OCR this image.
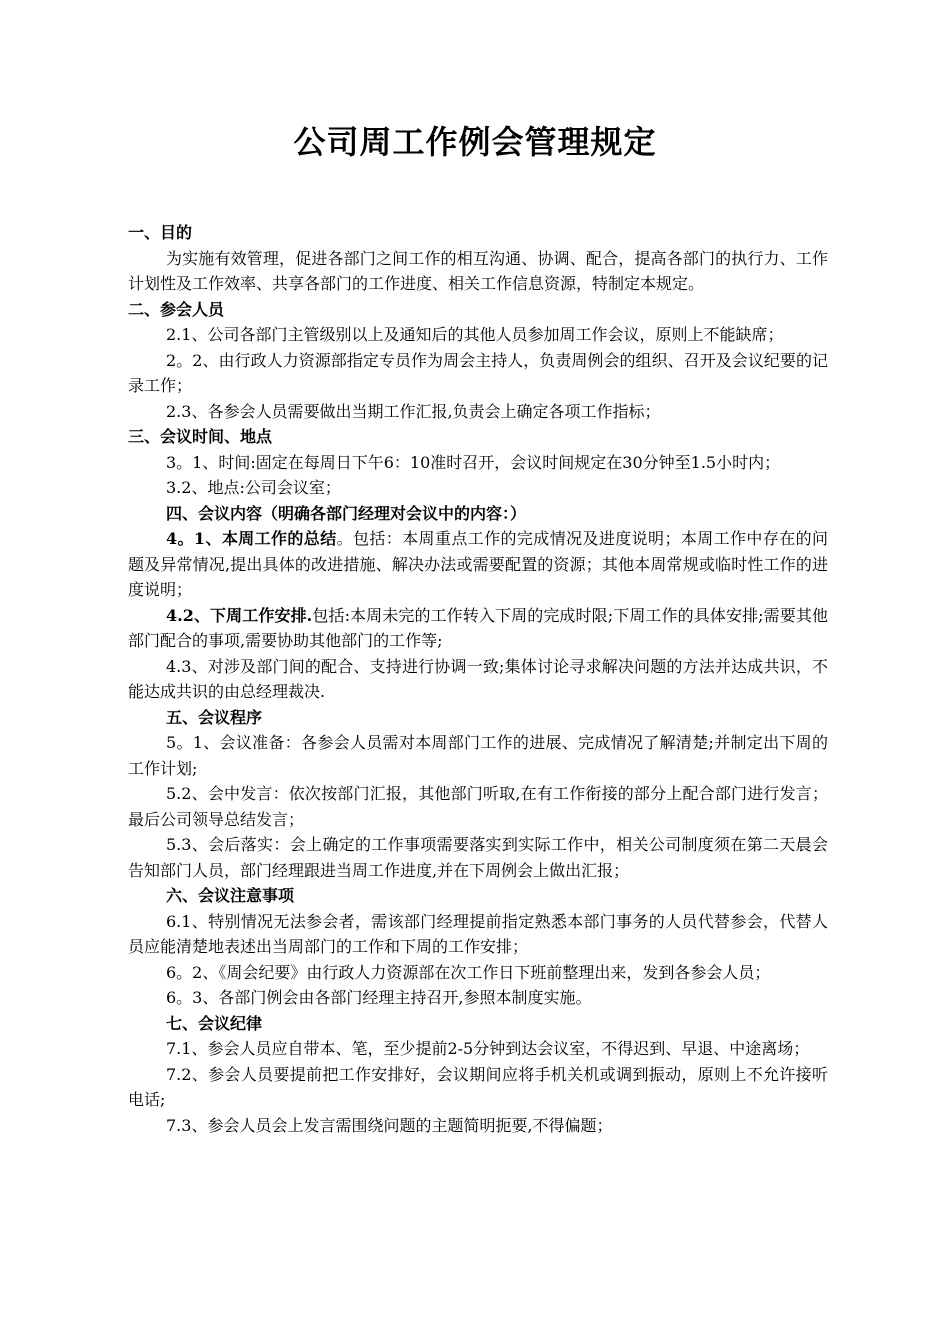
公司周工作例会管理规定

一、目的

为实施有效管理，促进各部门之间工作的相互沟通、协调、配合，提高各部门的执行力、工作计划性及工作效率、共享各部门的工作进度、相关工作信息资源，特制定本规定。

二、参会人员

2.1、公司各部门主管级别以上及通知后的其他人员参加周工作会议，原则上不能缺席；

2。2、由行政人力资源部指定专员作为周会主持人，负责周例会的组织、召开及会议纪要的记录工作；

2.3、各参会人员需要做出当期工作汇报,负责会上确定各项工作指标；

三、会议时间、地点

3。1、时间:固定在每周日下午6：10准时召开，会议时间规定在30分钟至1.5小时内；

3.2、地点:公司会议室；

四、会议内容（明确各部门经理对会议中的内容：）

4。1、本周工作的总结。包括：本周重点工作的完成情况及进度说明；本周工作中存在的问题及异常情况,提出具体的改进措施、解决办法或需要配置的资源；其他本周常规或临时性工作的进度说明；

4.2、下周工作安排.包括:本周未完的工作转入下周的完成时限;下周工作的具体安排;需要其他部门配合的事项,需要协助其他部门的工作等;

4.3、对涉及部门间的配合、支持进行协调一致;集体讨论寻求解决问题的方法并达成共识，不能达成共识的由总经理裁决.

五、会议程序

5。1、会议准备：各参会人员需对本周部门工作的进展、完成情况了解清楚;并制定出下周的工作计划;

5.2、会中发言：依次按部门汇报，其他部门听取,在有工作衔接的部分上配合部门进行发言；最后公司领导总结发言；

5.3、会后落实：会上确定的工作事项需要落实到实际工作中，相关公司制度须在第二天晨会告知部门人员，部门经理跟进当周工作进度,并在下周例会上做出汇报；

六、会议注意事项

6.1、特别情况无法参会者，需该部门经理提前指定熟悉本部门事务的人员代替参会，代替人员应能清楚地表述出当周部门的工作和下周的工作安排；

6。2、《周会纪要》由行政人力资源部在次工作日下班前整理出来，发到各参会人员；

6。3、各部门例会由各部门经理主持召开,参照本制度实施。

七、会议纪律

7.1、参会人员应自带本、笔，至少提前2-5分钟到达会议室，不得迟到、早退、中途离场；

7.2、参会人员要提前把工作安排好，会议期间应将手机关机或调到振动，原则上不允许接听电话;

7.3、参会人员会上发言需围绕问题的主题简明扼要,不得偏题；
